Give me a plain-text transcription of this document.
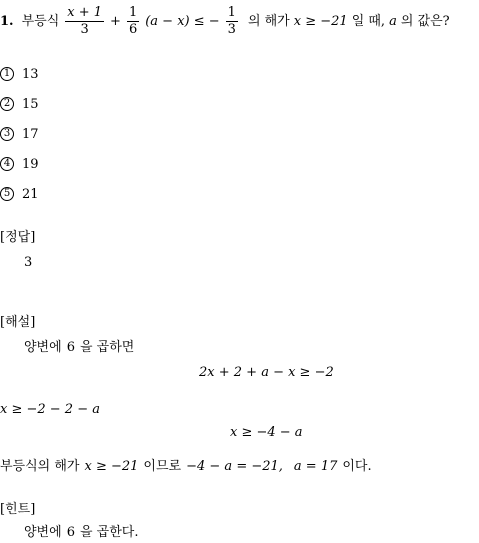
1. 부등식 $\frac{x + 1}{3} + \frac{1}{6} (a - x)$ ≤ − $\frac{1}{3}$ 의 해가 x ≥ −21 일 때, a 의 값은?
1 13
2 15
3 17
4 19
5 21
[정답]
3
[해설]
양변에 6 을 곱하면
2x + 2 + a − x ≥ −2
x ≥ −2 − 2 − a
x ≥ −4 − a
부등식의 해가 x ≥ −21 이므로 −4 − a = −21, a = 17 이다.
[힌트]
양변에 6 을 곱한다.
